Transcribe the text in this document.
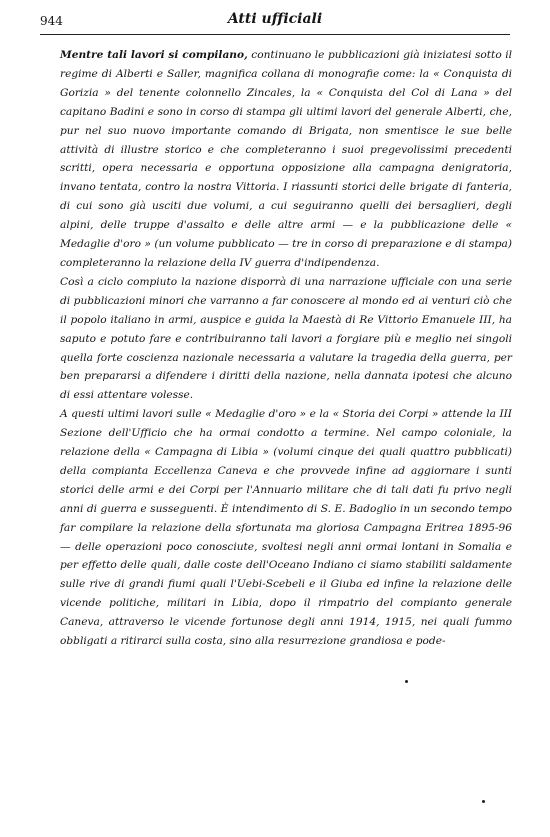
944	Atti ufficiali

Mentre tali lavori si compilano, continuano le pubblicazioni già iniziatesi sotto il regime di Alberti e Saller, magnifica collana di monografie come: la « Conquista di Gorizia » del tenente colonnello Zincales, la « Conquista del Col di Lana » del capitano Badini e sono in corso di stampa gli ultimi lavori del generale Alberti, che, pur nel suo nuovo importante comando di Brigata, non smentisce le sue belle attività di illustre storico e che completeranno i suoi pregevolissimi precedenti scritti, opera necessaria e opportuna opposizione alla campagna denigratoria, invano tentata, contro la nostra Vittoria. I riassunti storici delle brigate di fanteria, di cui sono già usciti due volumi, a cui seguiranno quelli dei bersaglieri, degli alpini, delle truppe d'assalto e delle altre armi — e la pubblicazione delle « Medaglie d'oro » (un volume pubblicato — tre in corso di preparazione e di stampa) completeranno la relazione della IV guerra d'indipendenza.

Così a ciclo compiuto la nazione disporrà di una narrazione ufficiale con una serie di pubblicazioni minori che varranno a far conoscere al mondo ed ai venturi ciò che il popolo italiano in armi, auspice e guida la Maestà di Re Vittorio Emanuele III, ha saputo e potuto fare e contribuiranno tali lavori a forgiare più e meglio nei singoli quella forte coscienza nazionale necessaria a valutare la tragedia della guerra, per ben prepararsi a difendere i diritti della nazione, nella dannata ipotesi che alcuno di essi attentare volesse.

A questi ultimi lavori sulle « Medaglie d'oro » e la « Storia dei Corpi » attende la III Sezione dell'Ufficio che ha ormai condotto a termine. Nel campo coloniale, la relazione della « Campagna di Libia » (volumi cinque dei quali quattro pubblicati) della compianta Eccellenza Caneva e che provvede infine ad aggiornare i sunti storici delle armi e dei Corpi per l'Annuario militare che di tali dati fu privo negli anni di guerra e susseguenti. È intendimento di S. E. Badoglio in un secondo tempo far compilare la relazione della sfortunata ma gloriosa Campagna Eritrea 1895-96 — delle operazioni poco conosciute, svoltesi negli anni ormai lontani in Somalia e per effetto delle quali, dalle coste dell'Oceano Indiano ci siamo stabiliti saldamente sulle rive di grandi fiumi quali l'Uebi-Scebeli e il Giuba ed infine la relazione delle vicende politiche, militari in Libia, dopo il rimpatrio del compianto generale Caneva, attraverso le vicende fortunose degli anni 1914, 1915, nei quali fummo obbligati a ritirarci sulla costa, sino alla resurrezione grandiosa e pode-
